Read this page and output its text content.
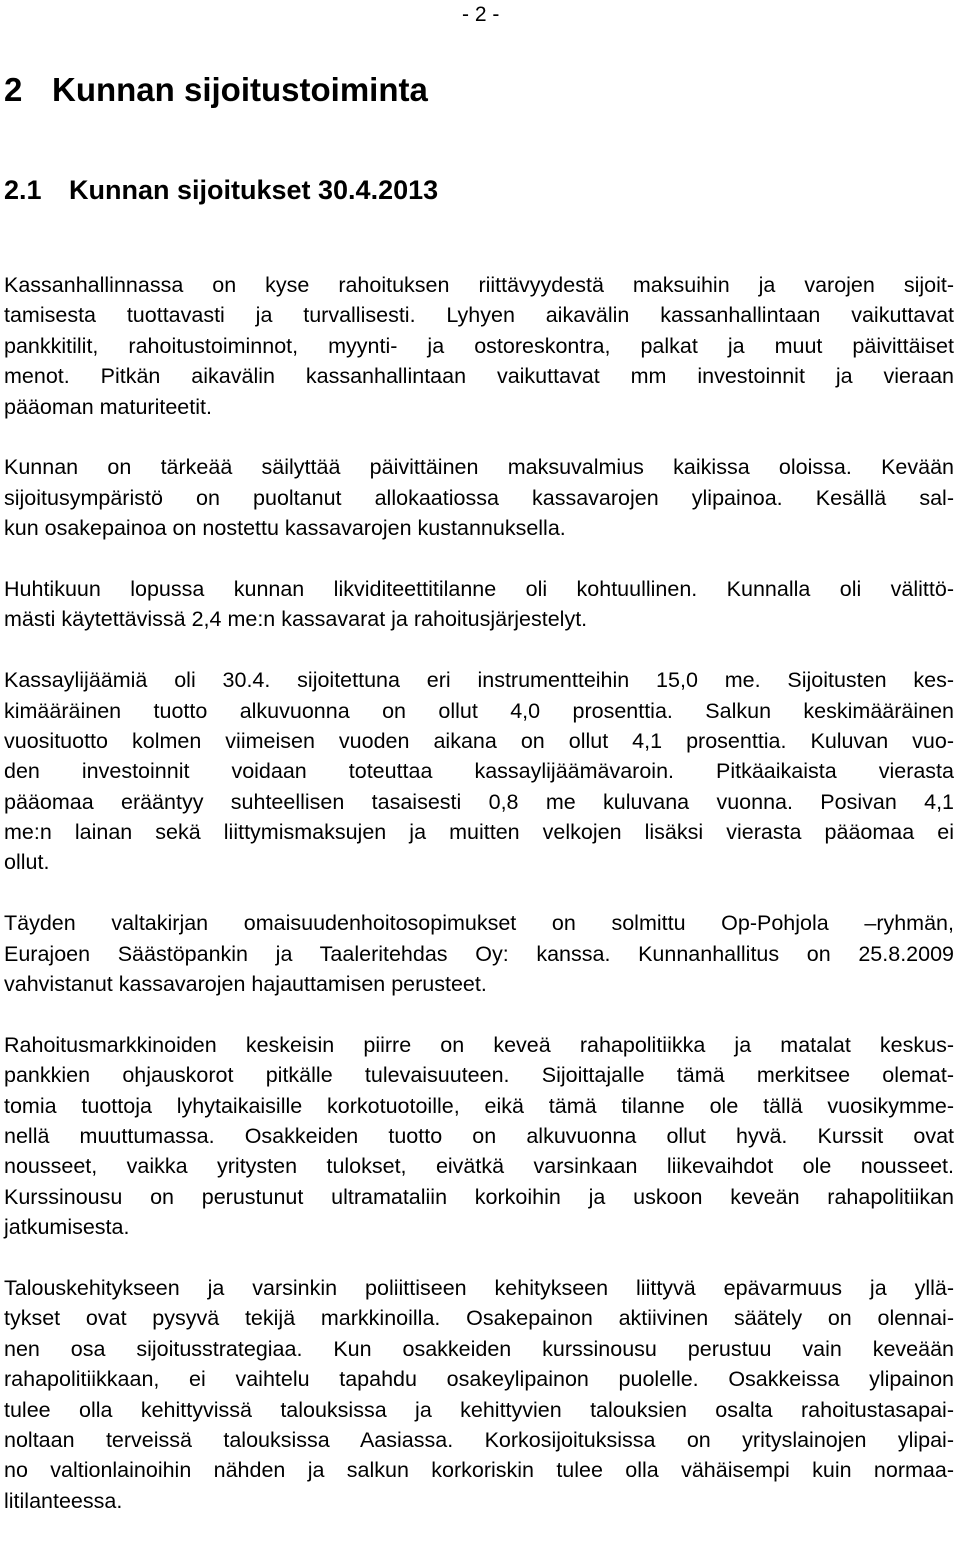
- 2 -
2 Kunnan sijoitustoiminta
2.1 Kunnan sijoitukset 30.4.2013

Kassanhallinnassa on kyse rahoituksen riittävyydestä maksuihin ja varojen sijoit-
tamisesta tuottavasti ja turvallisesti. Lyhyen aikavälin kassanhallintaan vaikuttavat
pankkitilit, rahoitustoiminnot, myynti- ja ostoreskontra, palkat ja muut päivittäiset
menot. Pitkän aikavälin kassanhallintaan vaikuttavat mm investoinnit ja vieraan
pääoman maturiteetit.

Kunnan on tärkeää säilyttää päivittäinen maksuvalmius kaikissa oloissa. Kevään
sijoitusympäristö on puoltanut allokaatiossa kassavarojen ylipainoa. Kesällä sal-
kun osakepainoa on nostettu kassavarojen kustannuksella.

Huhtikuun lopussa kunnan likviditeettitilanne oli kohtuullinen. Kunnalla oli välittö-
mästi käytettävissä 2,4 me:n kassavarat ja rahoitusjärjestelyt.

Kassaylijäämiä oli 30.4. sijoitettuna eri instrumentteihin 15,0 me. Sijoitusten kes-
kimääräinen tuotto alkuvuonna on ollut 4,0 prosenttia. Salkun keskimääräinen
vuosituotto kolmen viimeisen vuoden aikana on ollut 4,1 prosenttia. Kuluvan vuo-
den investoinnit voidaan toteuttaa kassaylijäämävaroin. Pitkäaikaista vierasta
pääomaa erääntyy suhteellisen tasaisesti 0,8 me kuluvana vuonna. Posivan 4,1
me:n lainan sekä liittymismaksujen ja muitten velkojen lisäksi vierasta pääomaa ei
ollut.

Täyden valtakirjan omaisuudenhoitosopimukset on solmittu Op-Pohjola –ryhmän,
Eurajoen Säästöpankin ja Taaleritehdas Oy: kanssa. Kunnanhallitus on 25.8.2009
vahvistanut kassavarojen hajauttamisen perusteet.

Rahoitusmarkkinoiden keskeisin piirre on keveä rahapolitiikka ja matalat keskus-
pankkien ohjauskorot pitkälle tulevaisuuteen. Sijoittajalle tämä merkitsee olemat-
tomia tuottoja lyhytaikaisille korkotuotoille, eikä tämä tilanne ole tällä vuosikymme-
nellä muuttumassa. Osakkeiden tuotto on alkuvuonna ollut hyvä. Kurssit ovat
nousseet, vaikka yritysten tulokset, eivätkä varsinkaan liikevaihdot ole nousseet.
Kurssinousu on perustunut ultramataliin korkoihin ja uskoon keveän rahapolitiikan
jatkumisesta.

Talouskehitykseen ja varsinkin poliittiseen kehitykseen liittyvä epävarmuus ja yllä-
tykset ovat pysyvä tekijä markkinoilla. Osakepainon aktiivinen säätely on olennai-
nen osa sijoitusstrategiaa. Kun osakkeiden kurssinousu perustuu vain keveään
rahapolitiikkaan, ei vaihtelu tapahdu osakeylipainon puolelle. Osakkeissa ylipainon
tulee olla kehittyvissä talouksissa ja kehittyvien talouksien osalta rahoitustasapai-
noltaan terveissä talouksissa Aasiassa. Korkosijoituksissa on yrityslainojen ylipai-
no valtionlainoihin nähden ja salkun korkoriskin tulee olla vähäisempi kuin normaa-
litilanteessa.
